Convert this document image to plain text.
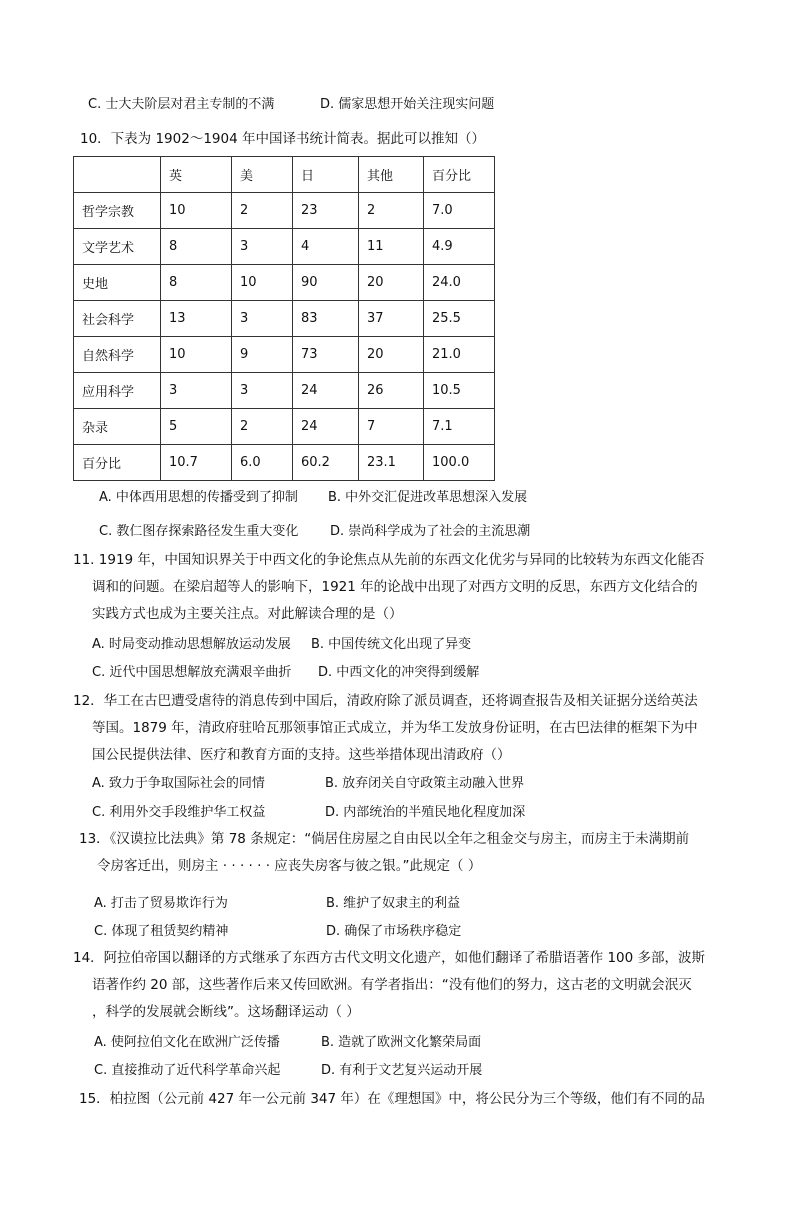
C. 士大夫阶层对君主专制的不满	D. 儒家思想开始关注现实问题
10．下表为 1902～1904 年中国译书统计简表。据此可以推知（）
	英	美	日	其他	百分比
哲学宗教	10	2	23	2	7.0
文学艺术	8	3	4	11	4.9
史地	8	10	90	20	24.0
社会科学	13	3	83	37	25.5
自然科学	10	9	73	20	21.0
应用科学	3	3	24	26	10.5
杂录	5	2	24	7	7.1
百分比	10.7	6.0	60.2	23.1	100.0
A. 中体西用思想的传播受到了抑制 B. 中外交汇促进改革思想深入发展
C. 教仁图存探索路径发生重大变化 D. 崇尚科学成为了社会的主流思潮
11. 1919 年，中国知识界关于中西文化的争论焦点从先前的东西文化优劣与异同的比较转为东西文化能否
调和的问题。在梁启超等人的影响下，1921 年的论战中出现了对西方文明的反思，东西方文化结合的
实践方式也成为主要关注点。对此解读合理的是（）
A. 时局变动推动思想解放运动发展 B. 中国传统文化出现了异变
C. 近代中国思想解放充满艰辛曲折 D. 中西文化的冲突得到缓解
12．华工在古巴遭受虐待的消息传到中国后，清政府除了派员调查，还将调查报告及相关证据分送给英法
等国。1879 年，清政府驻哈瓦那领事馆正式成立，并为华工发放身份证明，在古巴法律的框架下为中
国公民提供法律、医疗和教育方面的支持。这些举措体现出清政府（）
A. 致力于争取国际社会的同情	B. 放弃闭关自守政策主动融入世界
C. 利用外交手段维护华工权益	D. 内部统治的半殖民地化程度加深
13．《汉谟拉比法典》第 78 条规定：“倘居住房屋之自由民以全年之租金交与房主，而房主于未满期前
令房客迁出，则房主 · · · · · · 应丧失房客与彼之银。”此规定（ ）
A. 打击了贸易欺诈行为	B. 维护了奴隶主的利益
C. 体现了租赁契约精神	D. 确保了市场秩序稳定
14．阿拉伯帝国以翻译的方式继承了东西方古代文明文化遗产，如他们翻译了希腊语著作 100 多部，波斯
语著作约 20 部，这些著作后来又传回欧洲。有学者指出：“没有他们的努力，这古老的文明就会泯灭
，科学的发展就会断线”。这场翻译运动（ ）
A. 使阿拉伯文化在欧洲广泛传播	B. 造就了欧洲文化繁荣局面
C. 直接推动了近代科学革命兴起	D. 有利于文艺复兴运动开展
15．柏拉图（公元前 427 年一公元前 347 年）在《理想国》中，将公民分为三个等级，他们有不同的品
